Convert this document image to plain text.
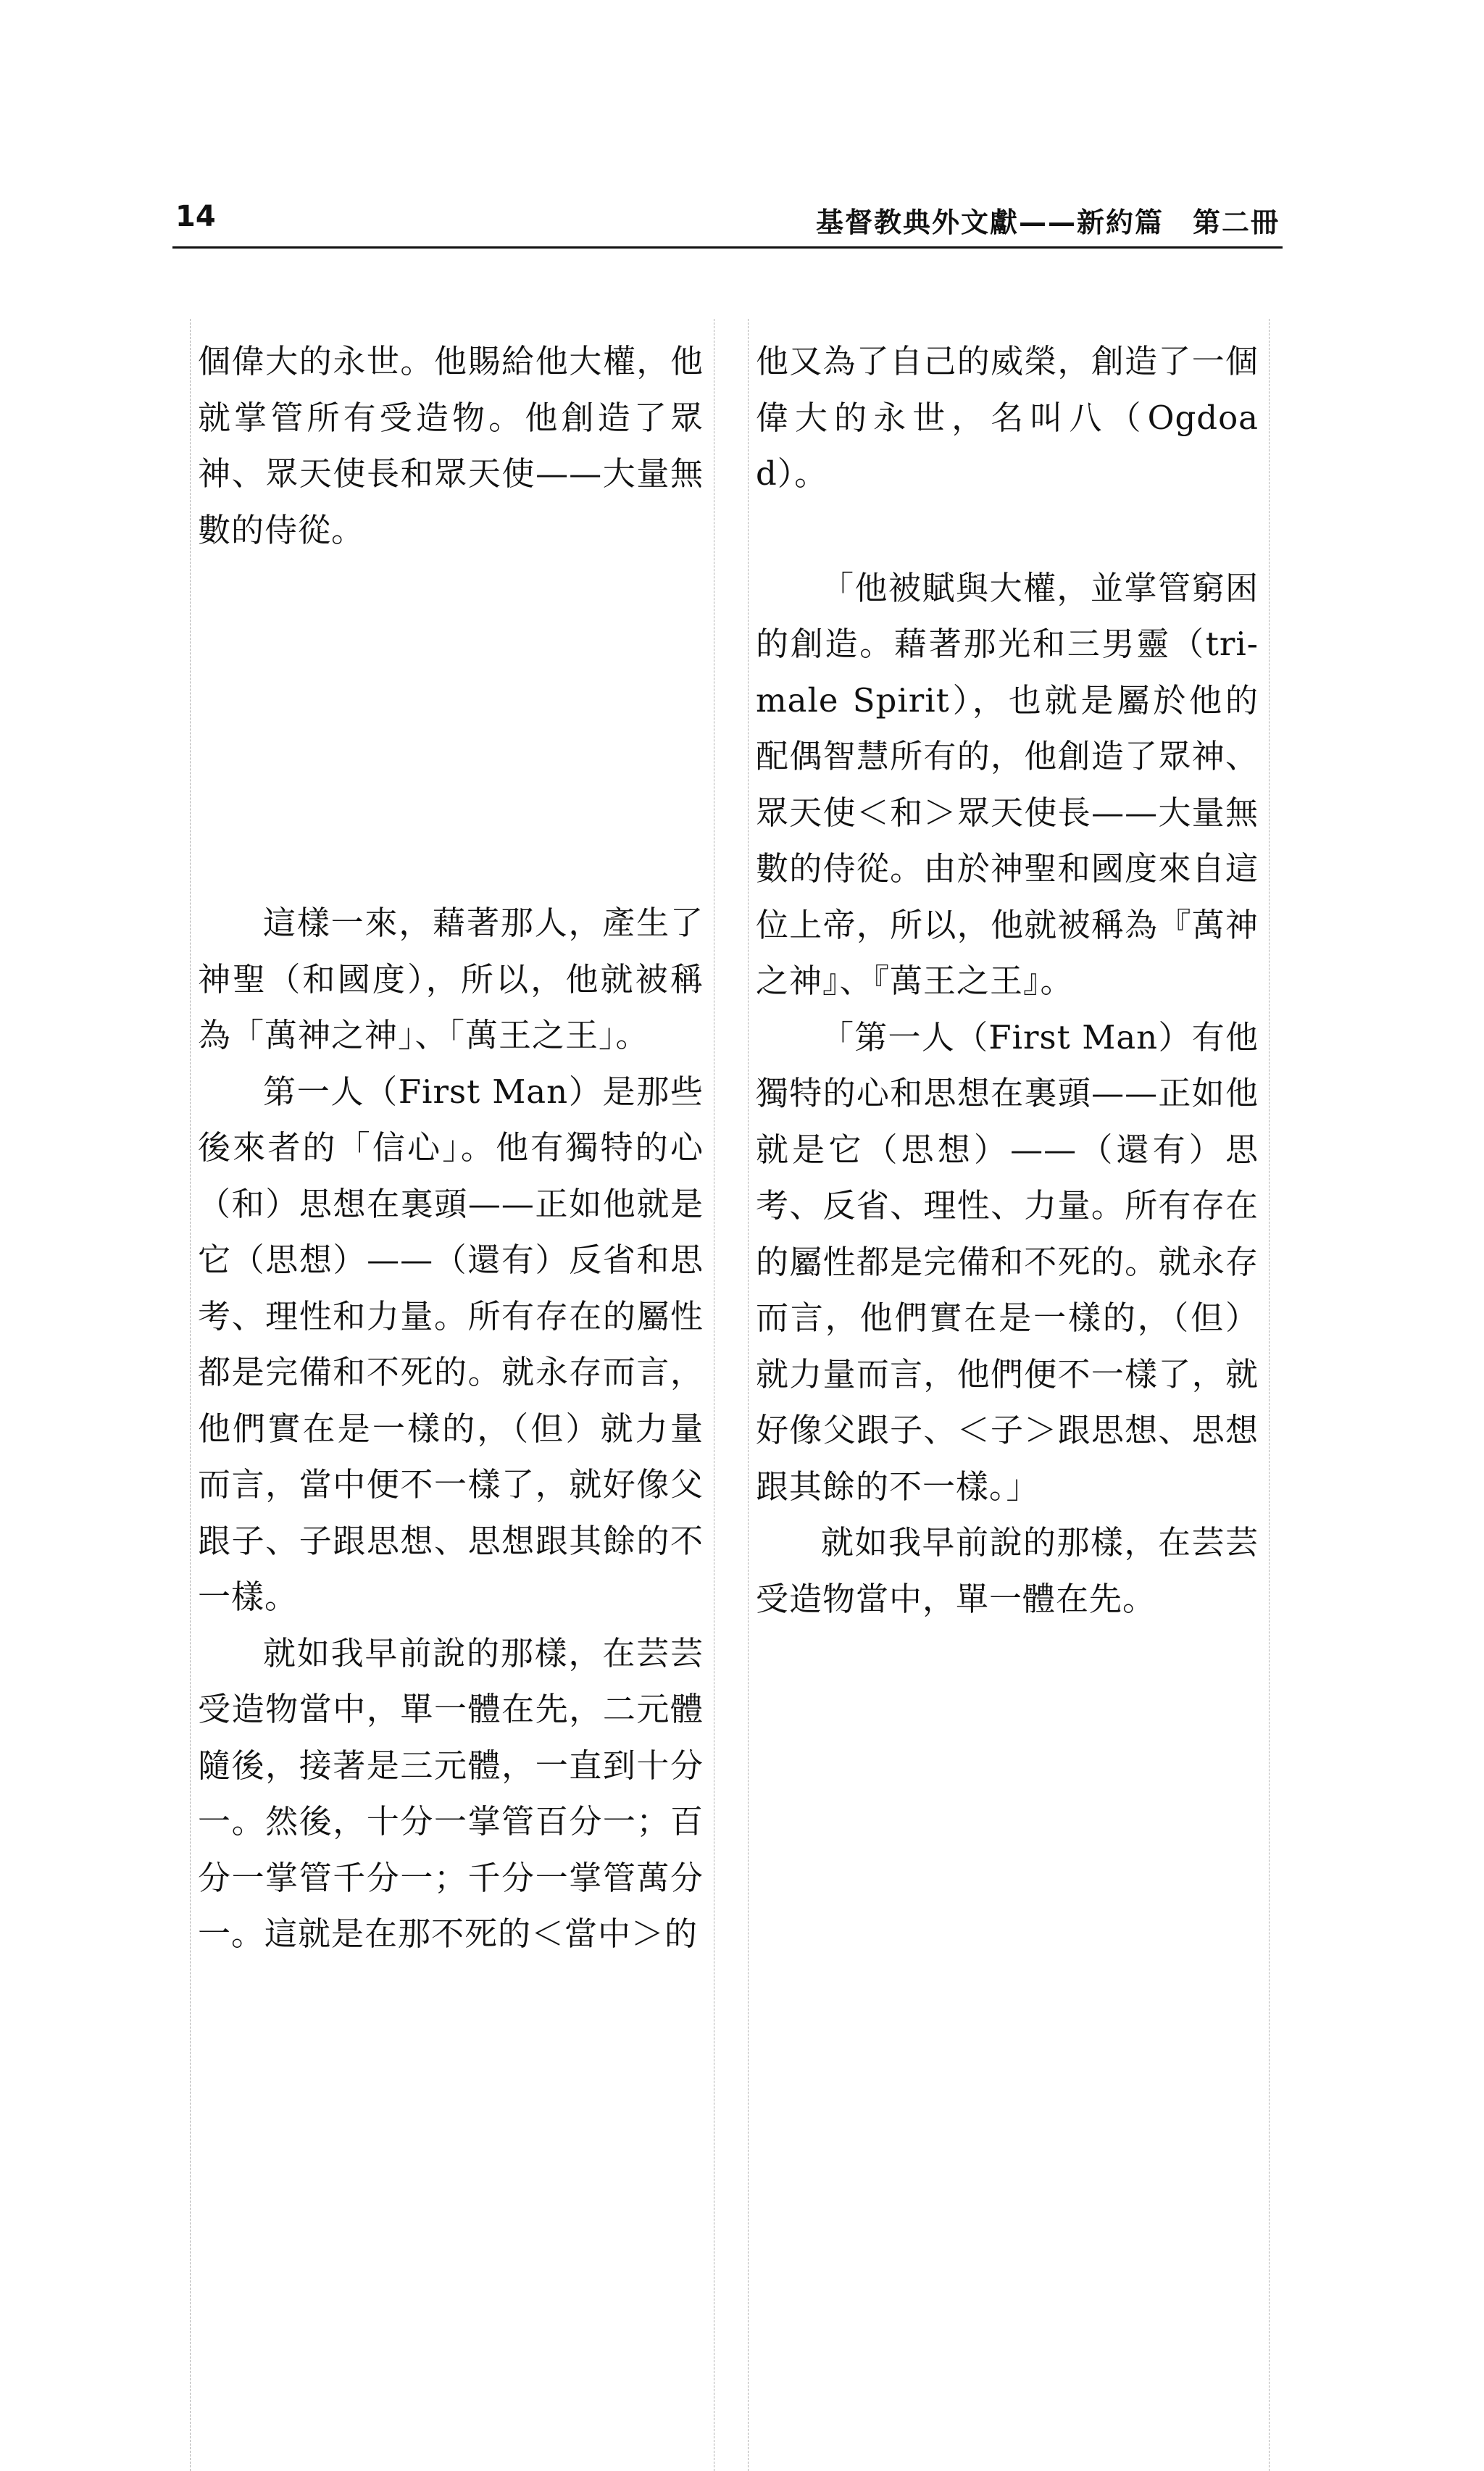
14	基督教典外文獻——新約篇　第二冊

個偉大的永世。他賜給他大權，他就掌管所有受造物。他創造了眾神、眾天使長和眾天使——大量無數的侍從。

這樣一來，藉著那人，產生了神聖（和國度），所以，他就被稱為「萬神之神」、「萬王之王」。

第一人（First Man）是那些後來者的「信心」。他有獨特的心（和）思想在裏頭——正如他就是它（思想）——（還有）反省和思考、理性和力量。所有存在的屬性都是完備和不死的。就永存而言，他們實在是一樣的，（但）就力量而言，當中便不一樣了，就好像父跟子、子跟思想、思想跟其餘的不一樣。

就如我早前說的那樣，在芸芸受造物當中，單一體在先，二元體隨後，接著是三元體，一直到十分一。然後，十分一掌管百分一；百分一掌管千分一；千分一掌管萬分一。這就是在那不死的＜當中＞的

他又為了自己的威榮，創造了一個偉大的永世，名叫八（Ogdoad）。

「他被賦與大權，並掌管窮困的創造。藉著那光和三男靈（tri-male Spirit），也就是屬於他的配偶智慧所有的，他創造了眾神、眾天使＜和＞眾天使長——大量無數的侍從。由於神聖和國度來自這位上帝，所以，他就被稱為『萬神之神』、『萬王之王』。

「第一人（First Man）有他獨特的心和思想在裏頭——正如他就是它（思想）——（還有）思考、反省、理性、力量。所有存在的屬性都是完備和不死的。就永存而言，他們實在是一樣的，（但）就力量而言，他們便不一樣了，就好像父跟子、＜子＞跟思想、思想跟其餘的不一樣。」

就如我早前說的那樣，在芸芸受造物當中，單一體在先。
